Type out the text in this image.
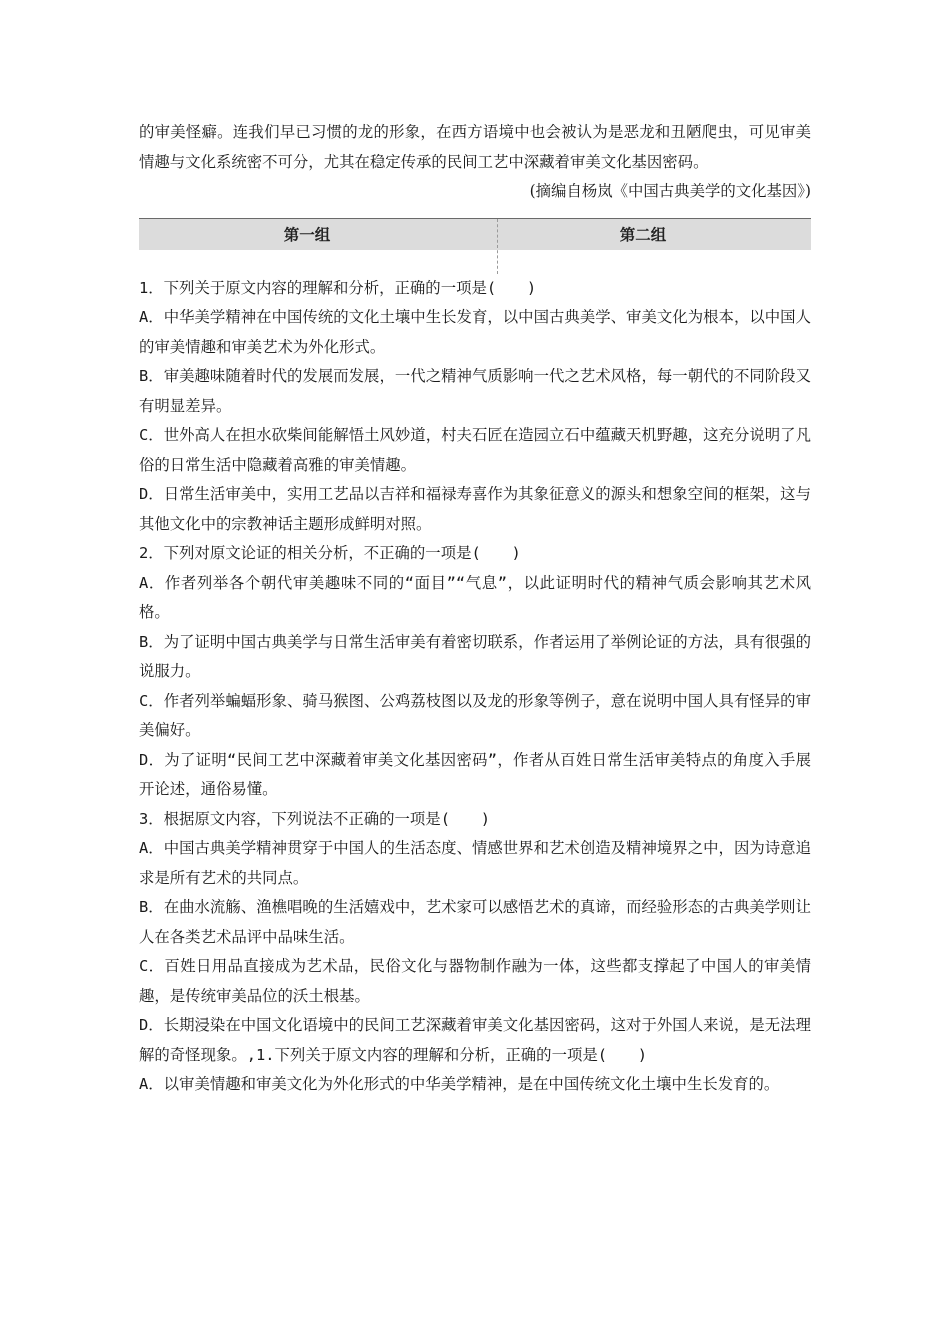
的审美怪癖。连我们早已习惯的龙的形象，在西方语境中也会被认为是恶龙和丑陋爬虫，可见审美情趣与文化系统密不可分，尤其在稳定传承的民间工艺中深藏着审美文化基因密码。

(摘编自杨岚《中国古典美学的文化基因》)

第一组	第二组
1．下列关于原文内容的理解和分析，正确的一项是(　　)
A．中华美学精神在中国传统的文化土壤中生长发育，以中国古典美学、审美文化为根本，以中国人的审美情趣和审美艺术为外化形式。
B．审美趣味随着时代的发展而发展，一代之精神气质影响一代之艺术风格，每一朝代的不同阶段又有明显差异。
C．世外高人在担水砍柴间能解悟土风妙道，村夫石匠在造园立石中蕴藏天机野趣，这充分说明了凡俗的日常生活中隐藏着高雅的审美情趣。
D．日常生活审美中，实用工艺品以吉祥和福禄寿喜作为其象征意义的源头和想象空间的框架，这与其他文化中的宗教神话主题形成鲜明对照。
2．下列对原文论证的相关分析，不正确的一项是(　　)
A．作者列举各个朝代审美趣味不同的“面目”“气息”，以此证明时代的精神气质会影响其艺术风格。
B．为了证明中国古典美学与日常生活审美有着密切联系，作者运用了举例论证的方法，具有很强的说服力。
C．作者列举蝙蝠形象、骑马猴图、公鸡荔枝图以及龙的形象等例子，意在说明中国人具有怪异的审美偏好。
D．为了证明“民间工艺中深藏着审美文化基因密码”，作者从百姓日常生活审美特点的角度入手展开论述，通俗易懂。
3．根据原文内容，下列说法不正确的一项是(　　)
A．中国古典美学精神贯穿于中国人的生活态度、情感世界和艺术创造及精神境界之中，因为诗意追求是所有艺术的共同点。
B．在曲水流觞、渔樵唱晚的生活嬉戏中，艺术家可以感悟艺术的真谛，而经验形态的古典美学则让人在各类艺术品评中品味生活。
C．百姓日用品直接成为艺术品，民俗文化与器物制作融为一体，这些都支撑起了中国人的审美情趣，是传统审美品位的沃土根基。
D．长期浸染在中国文化语境中的民间工艺深藏着审美文化基因密码，这对于外国人来说，是无法理解的奇怪现象。,1.下列关于原文内容的理解和分析，正确的一项是(　　)
A．以审美情趣和审美文化为外化形式的中华美学精神，是在中国传统文化土壤中生长发育的。
